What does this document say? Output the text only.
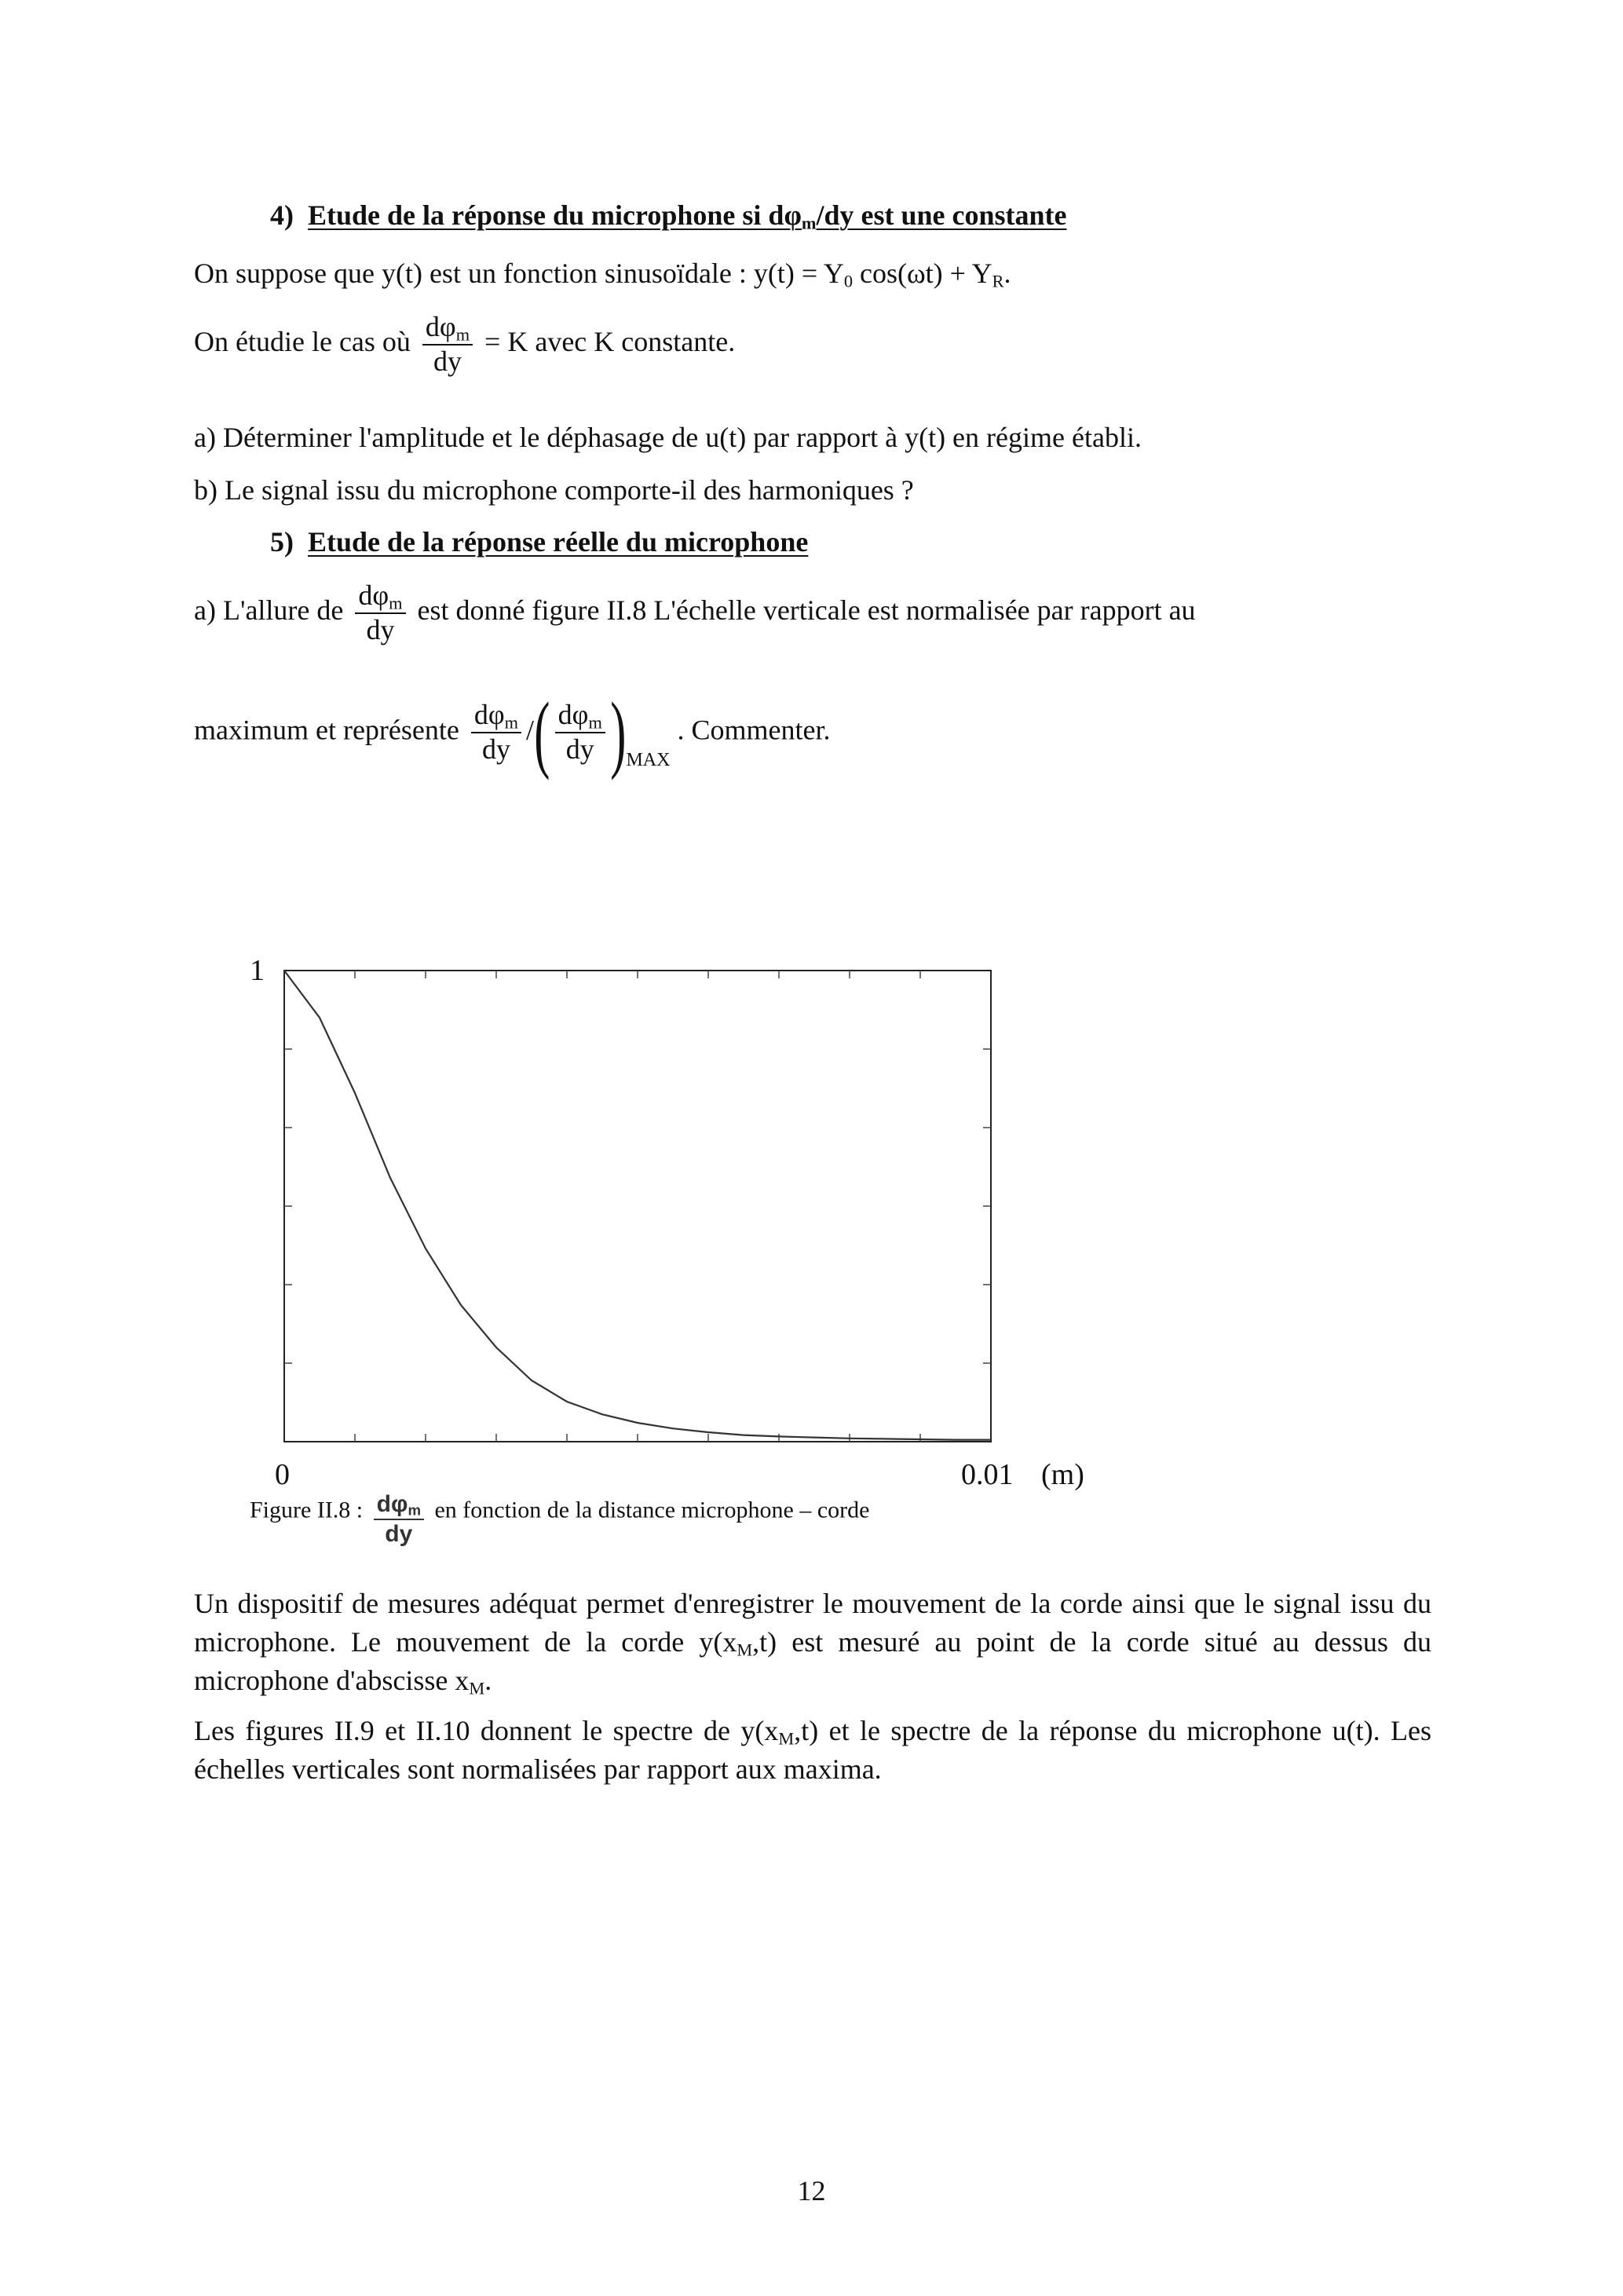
4) Etude de la réponse du microphone si $d\varphi_m/dy$ est une constante
On suppose que y(t) est un fonction sinusoïdale : $y(t) = Y_0$ $\cos(\omega t) + Y_R$.
On étudie le cas où $\frac{d\varphi_m}{dy} = K$ avec K constante.
a) Déterminer l'amplitude et le déphasage de u(t) par rapport à y(t) en régime établi.
b) Le signal issu du microphone comporte-il des harmoniques ?
5) Etude de la réponse réelle du microphone
a) L'allure de $\frac{d\varphi_m}{dy}$ est donné figure II.8 L'échelle verticale est normalisée par rapport au
maximum et représente $\frac{d\varphi_m}{dy}$ /( $\frac{d\varphi_m}{dy} )_{MAX}$ . Commenter.
1
0	0.01 (m)
Figure II.8 : $\frac{d\varphi_m}{dy}$ en fonction de la distance microphone – corde
Un dispositif de mesures adéquat permet d'enregistrer le mouvement de la corde ainsi que le signal issu du microphone. Le mouvement de la corde $y(x_M,t)$ est mesuré au point de la corde situé au dessus du microphone d'abscisse $x_M$.
Les figures II.9 et II.10 donnent le spectre de $y(x_M,t)$ et le spectre de la réponse du microphone u(t). Les échelles verticales sont normalisées par rapport aux maxima.
12
